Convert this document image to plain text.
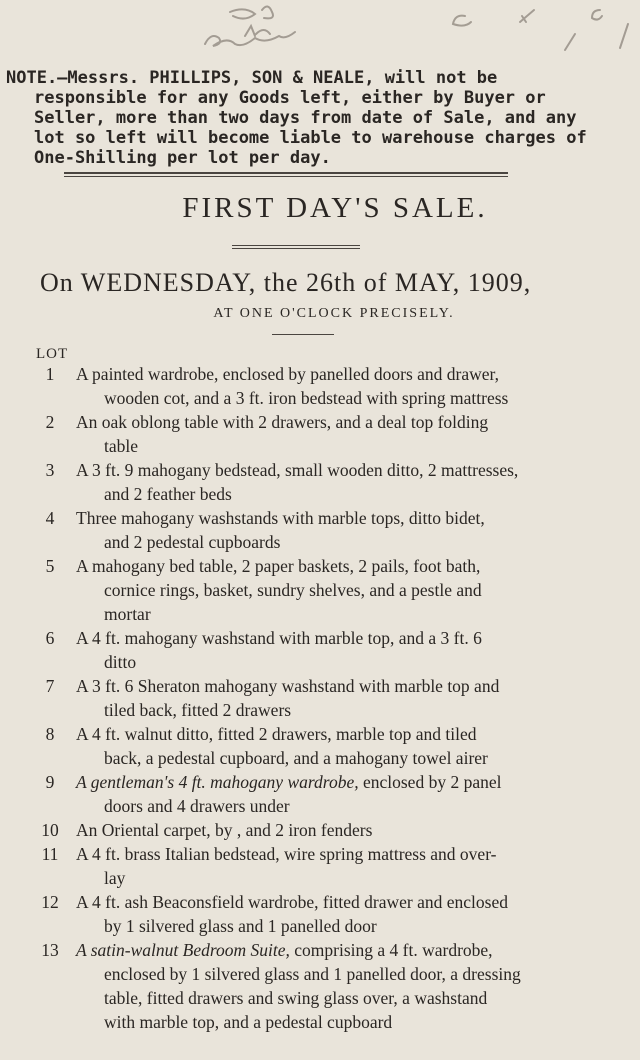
NOTE.—Messrs. PHILLIPS, SON & NEALE, will not be
responsible for any Goods left, either by Buyer or
Seller, more than two days from date of Sale, and any
lot so left will become liable to warehouse charges of
One-Shilling per lot per day.
FIRST DAY'S SALE.
On WEDNESDAY, the 26th of MAY, 1909,
AT ONE O'CLOCK PRECISELY.
LOT
1	A painted wardrobe, enclosed by panelled doors and drawer,
wooden cot, and a 3 ft. iron bedstead with spring mattress
2	An oak oblong table with 2 drawers, and a deal top folding
table
3	A 3 ft. 9 mahogany bedstead, small wooden ditto, 2 mattresses,
and 2 feather beds
4	Three mahogany washstands with marble tops, ditto bidet,
and 2 pedestal cupboards
5	A mahogany bed table, 2 paper baskets, 2 pails, foot bath,
cornice rings, basket, sundry shelves, and a pestle and
mortar
6	A 4 ft. mahogany washstand with marble top, and a 3 ft. 6
ditto
7	A 3 ft. 6 Sheraton mahogany washstand with marble top and
tiled back, fitted 2 drawers
8	A 4 ft. walnut ditto, fitted 2 drawers, marble top and tiled
back, a pedestal cupboard, and a mahogany towel airer
9	A gentleman's 4 ft. mahogany wardrobe, enclosed by 2 panel
doors and 4 drawers under
10 An Oriental carpet, by , and 2 iron fenders
11	A 4 ft. brass Italian bedstead, wire spring mattress and over-
lay
12 A 4 ft. ash Beaconsfield wardrobe, fitted drawer and enclosed
by 1 silvered glass and 1 panelled door
13 A satin-walnut Bedroom Suite, comprising a 4 ft. wardrobe,
enclosed by 1 silvered glass and 1 panelled door, a dressing
table, fitted drawers and swing glass over, a washstand
with marble top, and a pedestal cupboard
